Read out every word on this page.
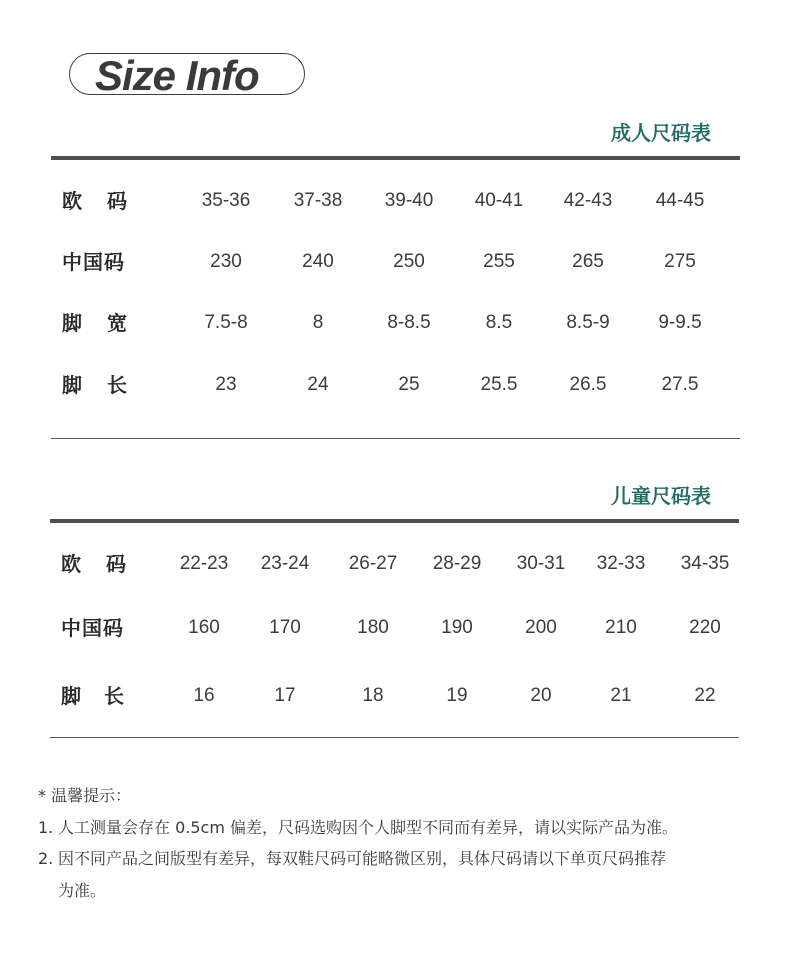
Size Info
成人尺码表
欧 码	35-36	37-38	39-40	40-41	42-43	44-45
中国码	230	240	250	255	265	275
脚 宽	7.5-8	8	8-8.5	8.5	8.5-9	9-9.5
脚 长	23	24	25	25.5	26.5	27.5
儿童尺码表
欧 码	22-23	23-24	26-27	28-29	30-31	32-33	34-35
中国码	160	170	180	190	200	210	220
脚 长	16	17	18	19	20	21	22
* 温馨提示：
1. 人工测量会存在 0.5cm 偏差，尺码选购因个人脚型不同而有差异，请以实际产品为准。
2. 因不同产品之间版型有差异，每双鞋尺码可能略微区别，具体尺码请以下单页尺码推荐
为准。
